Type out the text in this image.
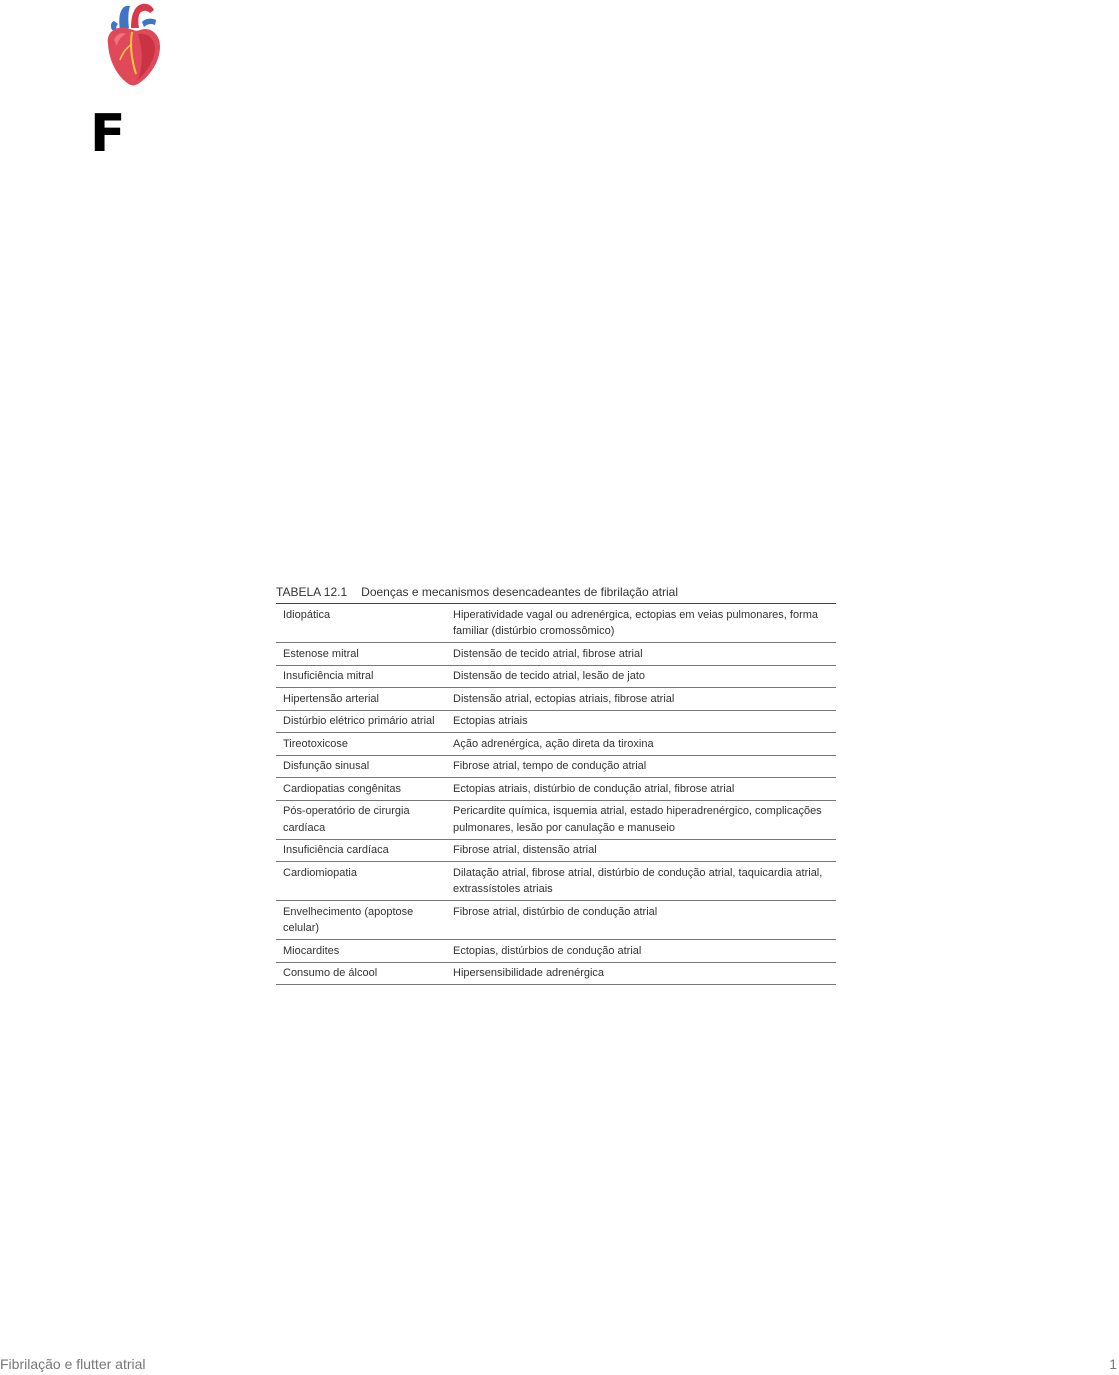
F
TABELA 12.1 Doenças e mecanismos desencadeantes de fibrilação atrial
Idiopática	Hiperatividade vagal ou adrenérgica, ectopias em veias pulmonares, forma familiar (distúrbio cromossômico)
Estenose mitral	Distensão de tecido atrial, fibrose atrial
Insuficiência mitral	Distensão de tecido atrial, lesão de jato
Hipertensão arterial	Distensão atrial, ectopias atriais, fibrose atrial
Distúrbio elétrico primário atrial	Ectopias atriais
Tireotoxicose	Ação adrenérgica, ação direta da tiroxina
Disfunção sinusal	Fibrose atrial, tempo de condução atrial
Cardiopatias congênitas	Ectopias atriais, distúrbio de condução atrial, fibrose atrial
Pós-operatório de cirurgia cardíaca	Pericardite química, isquemia atrial, estado hiperadrenérgico, complicações pulmonares, lesão por canulação e manuseio
Insuficiência cardíaca	Fibrose atrial, distensão atrial
Cardiomiopatia	Dilatação atrial, fibrose atrial, distúrbio de condução atrial, taquicardia atrial, extrassístoles atriais
Envelhecimento (apoptose celular)	Fibrose atrial, distúrbio de condução atrial
Miocardites	Ectopias, distúrbios de condução atrial
Consumo de álcool	Hipersensibilidade adrenérgica
Fibrilação e flutter atrial	1
